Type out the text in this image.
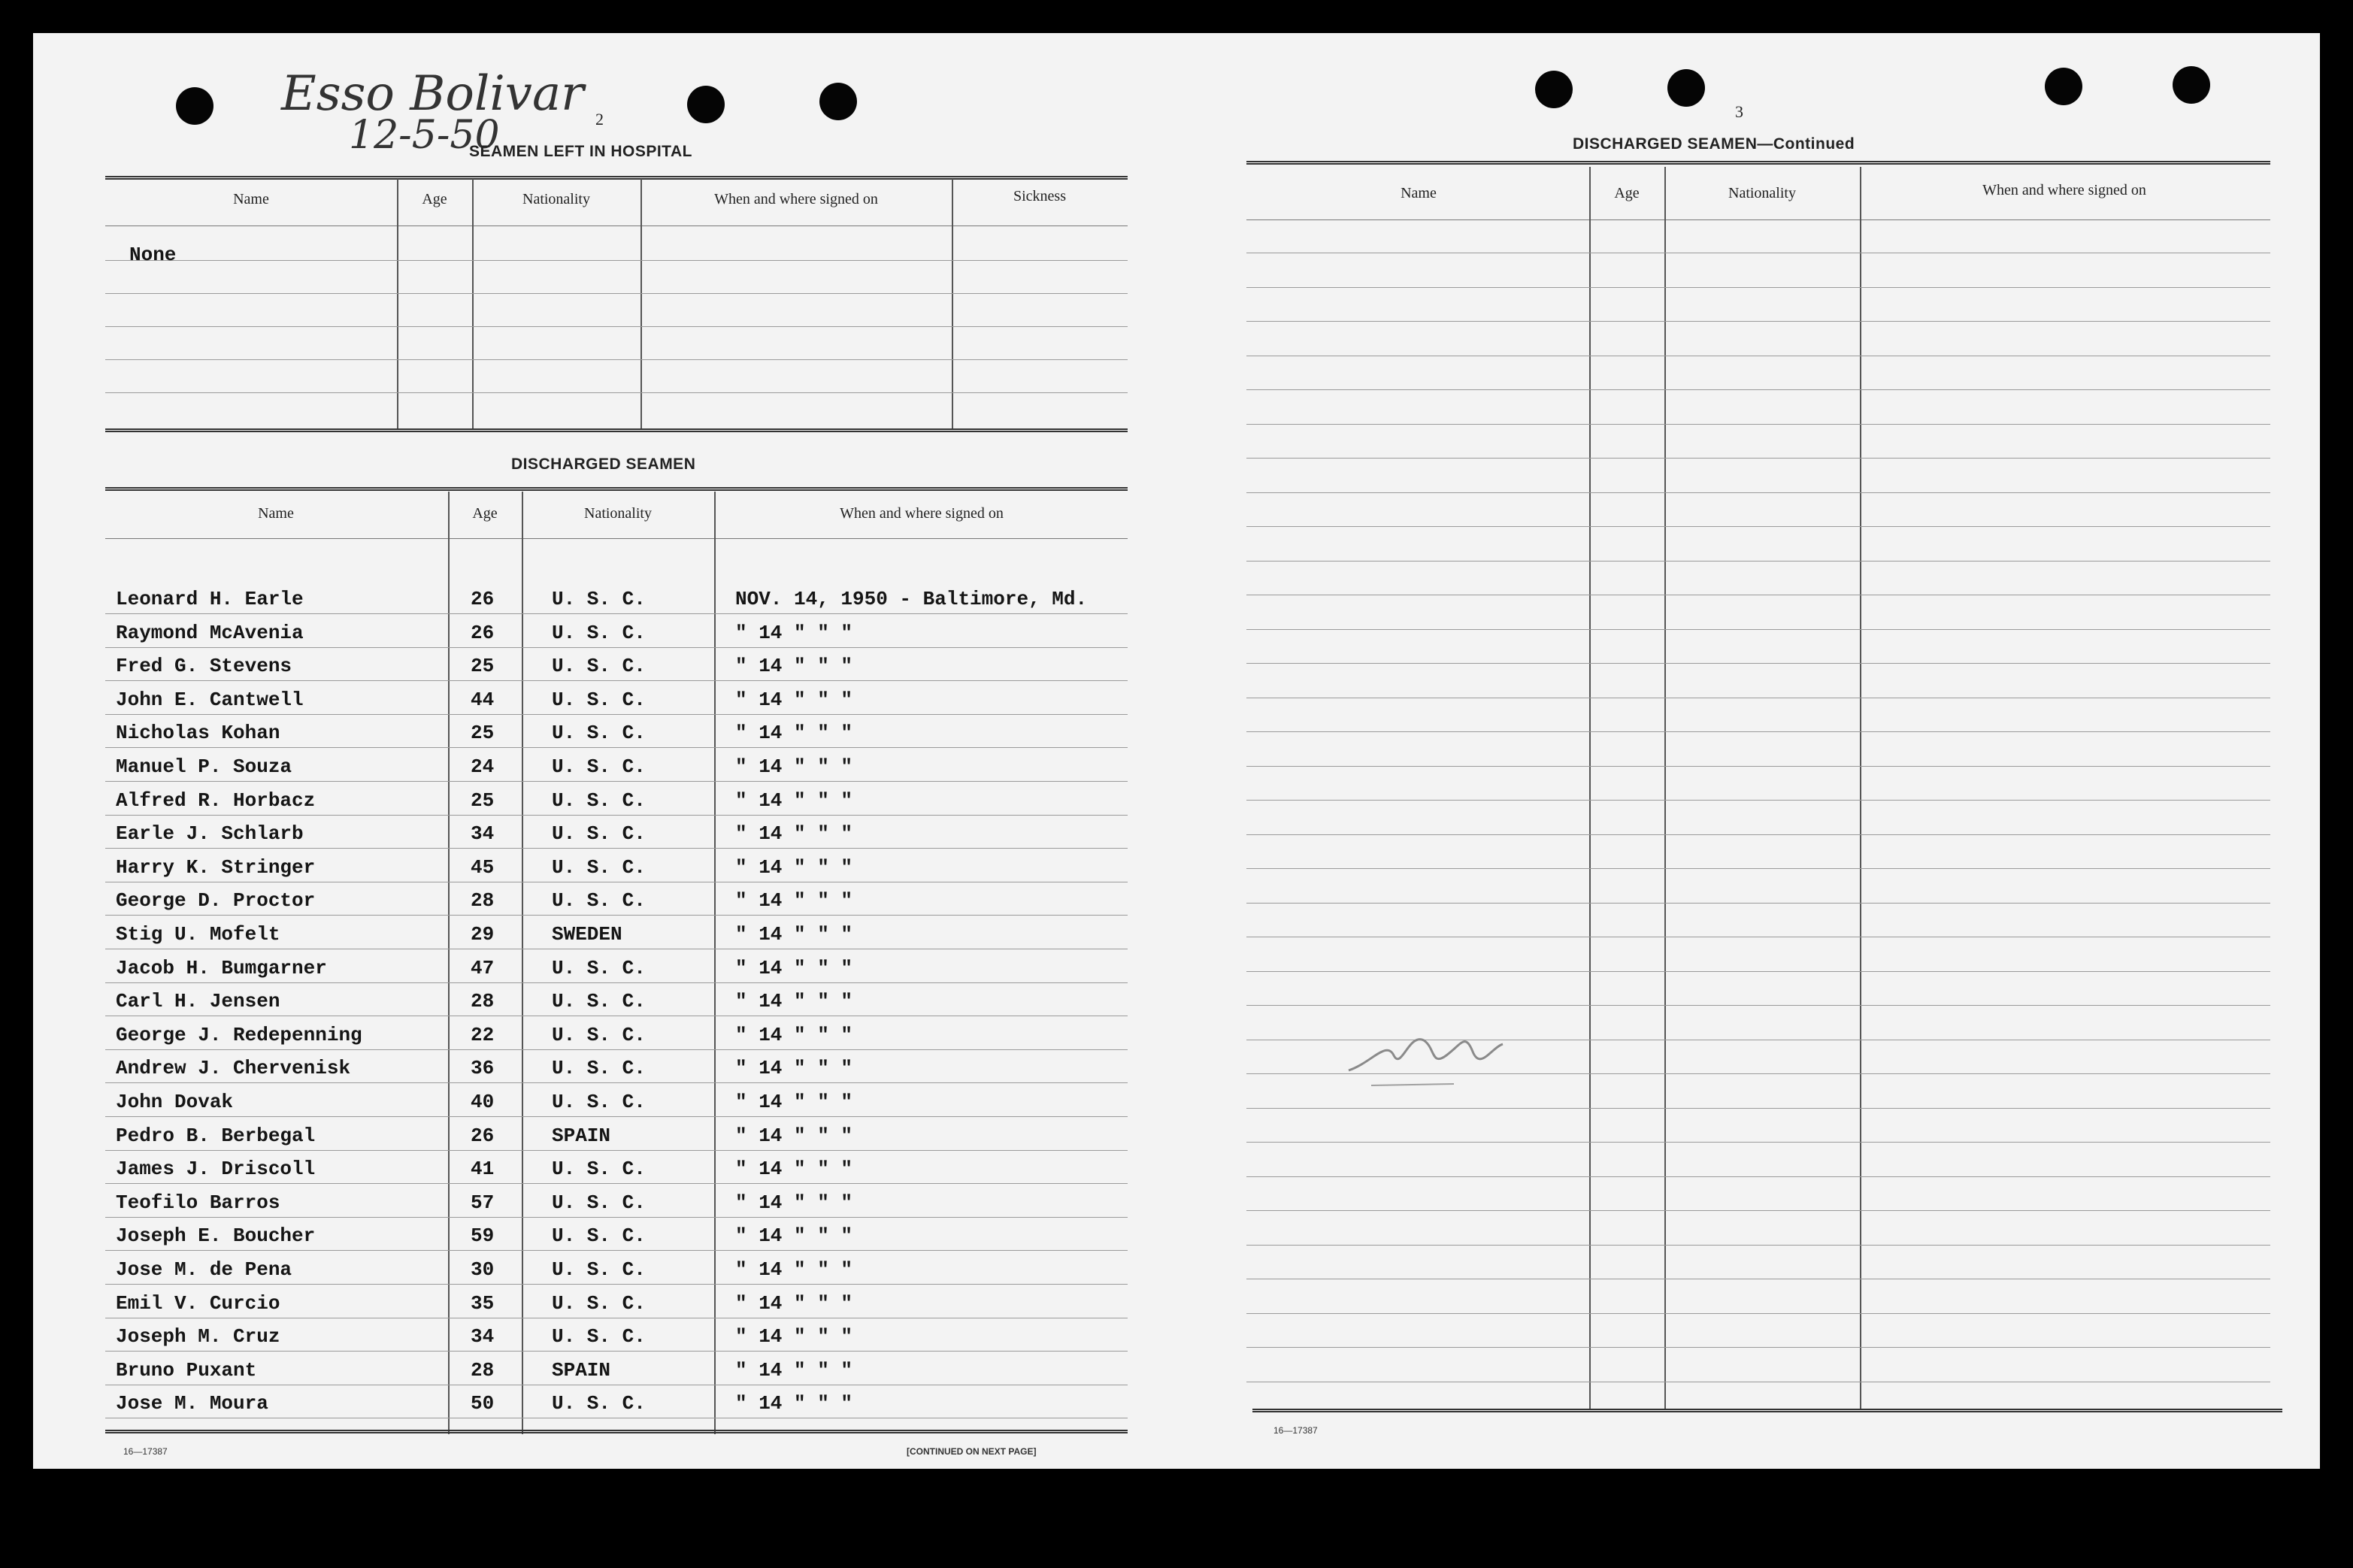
Esso Bolivar
12-5-50	2
SEAMEN LEFT IN HOSPITAL
Name	Age	Nationality	When and where signed on	Sickness
None
DISCHARGED SEAMEN
Name	Age	Nationality	When and where signed on
Leonard H. Earle	26	U. S. C.	NOV. 14, 1950 - Baltimore, Md.
Raymond McAvenia	26	U. S. C.	" 14 " " "
Fred G. Stevens	25	U. S. C.	" 14 " " "
John E. Cantwell	44	U. S. C.	" 14 " " "
Nicholas Kohan	25	U. S. C.	" 14 " " "
Manuel P. Souza	24	U. S. C.	" 14 " " "
Alfred R. Horbacz	25	U. S. C.	" 14 " " "
Earle J. Schlarb	34	U. S. C.	" 14 " " "
Harry K. Stringer	45	U. S. C.	" 14 " " "
George D. Proctor	28	U. S. C.	" 14 " " "
Stig U. Mofelt	29	SWEDEN	" 14 " " "
Jacob H. Bumgarner	47	U. S. C.	" 14 " " "
Carl H. Jensen	28	U. S. C.	" 14 " " "
George J. Redepenning	22	U. S. C.	" 14 " " "
Andrew J. Chervenisk	36	U. S. C.	" 14 " " "
John Dovak	40	U. S. C.	" 14 " " "
Pedro B. Berbegal	26	SPAIN	" 14 " " "
James J. Driscoll	41	U. S. C.	" 14 " " "
Teofilo Barros	57	U. S. C.	" 14 " " "
Joseph E. Boucher	59	U. S. C.	" 14 " " "
Jose M. de Pena	30	U. S. C.	" 14 " " "
Emil V. Curcio	35	U. S. C.	" 14 " " "
Joseph M. Cruz	34	U. S. C.	" 14 " " "
Bruno Puxant	28	SPAIN	" 14 " " "
Jose M. Moura	50	U. S. C.	" 14 " " "
16—17387	[CONTINUED ON NEXT PAGE]
3
DISCHARGED SEAMEN—Continued
Name	Age	Nationality	When and where signed on
16—17387
